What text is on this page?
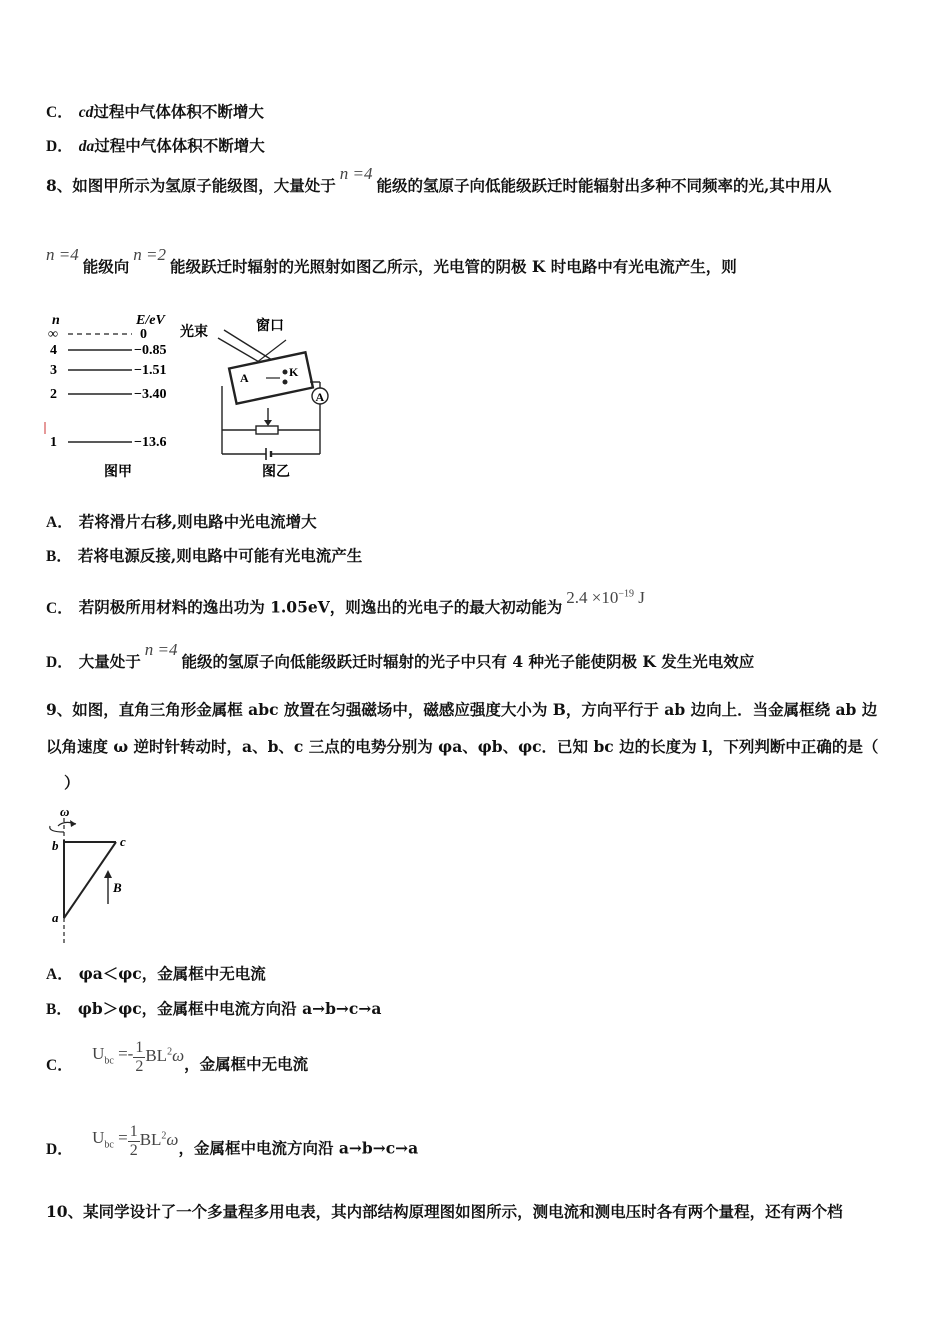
C． cd过程中气体体积不断增大
D． da过程中气体体积不断增大
8、如图甲所示为氢原子能级图，大量处于n =4能级的氢原子向低能级跃迁时能辐射出多种不同频率的光,其中用从
n =4能级向n =2能级跃迁时辐射的光照射如图乙所示，光电管的阴极 K 时电路中有光电流产生，则
n	E/eV
∞	0
4	−0.85
3	−1.51
2	−3.40
1	−13.6
图甲
光束	窗口
A	K
A
图乙
A． 若将滑片右移,则电路中光电流增大
B． 若将电源反接,则电路中可能有光电流产生
C． 若阴极所用材料的逸出功为 1.05eV，则逸出的光电子的最大初动能为$2.4 \times 10^{-19}$ J
D． 大量处于n =4能级的氢原子向低能级跃迁时辐射的光子中只有 4 种光子能使阴极 K 发生光电效应
9、如图，直角三角形金属框 abc 放置在匀强磁场中，磁感应强度大小为 B，方向平行于 ab 边向上．当金属框绕 ab 边
以角速度 ω 逆时针转动时，a、b、c 三点的电势分别为 φa、φb、φc．已知 bc 边的长度为 l，下列判断中正确的是（
）
ω
b	c
a
B
A． φa＜φc，金属框中无电流
B． φb＞φc，金属框中电流方向沿 a→b→c→a
C． $U_{bc} =- \frac{1}{2} BL^2\omega$，金属框中无电流
D． $U_{bc} = \frac{1}{2} BL^2\omega$，金属框中电流方向沿 a→b→c→a
10、某同学设计了一个多量程多用电表，其内部结构原理图如图所示，测电流和测电压时各有两个量程，还有两个档
